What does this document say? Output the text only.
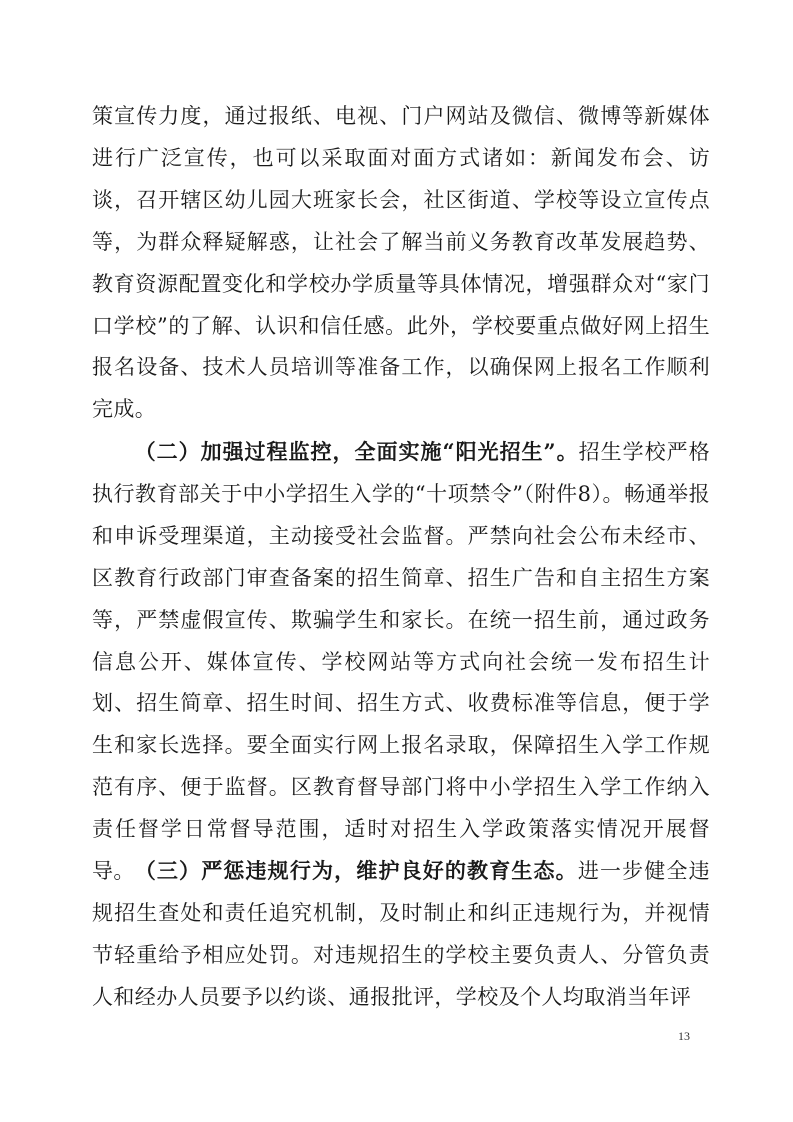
策宣传力度，通过报纸、电视、门户网站及微信、微博等新媒体进行广泛宣传，也可以采取面对面方式诸如：新闻发布会、访谈，召开辖区幼儿园大班家长会，社区街道、学校等设立宣传点等，为群众释疑解惑，让社会了解当前义务教育改革发展趋势、教育资源配置变化和学校办学质量等具体情况，增强群众对“家门口学校”的了解、认识和信任感。此外，学校要重点做好网上招生报名设备、技术人员培训等准备工作，以确保网上报名工作顺利完成。

（二）加强过程监控，全面实施“阳光招生”。招生学校严格执行教育部关于中小学招生入学的“十项禁令”（附件8）。畅通举报和申诉受理渠道，主动接受社会监督。严禁向社会公布未经市、区教育行政部门审查备案的招生简章、招生广告和自主招生方案等，严禁虚假宣传、欺骗学生和家长。在统一招生前，通过政务信息公开、媒体宣传、学校网站等方式向社会统一发布招生计划、招生简章、招生时间、招生方式、收费标准等信息，便于学生和家长选择。要全面实行网上报名录取，保障招生入学工作规范有序、便于监督。区教育督导部门将中小学招生入学工作纳入责任督学日常督导范围，适时对招生入学政策落实情况开展督导。 （三）严惩违规行为，维护良好的教育生态。进一步健全违规招生查处和责任追究机制，及时制止和纠正违规行为，并视情节轻重给予相应处罚。对违规招生的学校主要负责人、分管负责人和经办人员要予以约谈、通报批评，学校及个人均取消当年评

13
